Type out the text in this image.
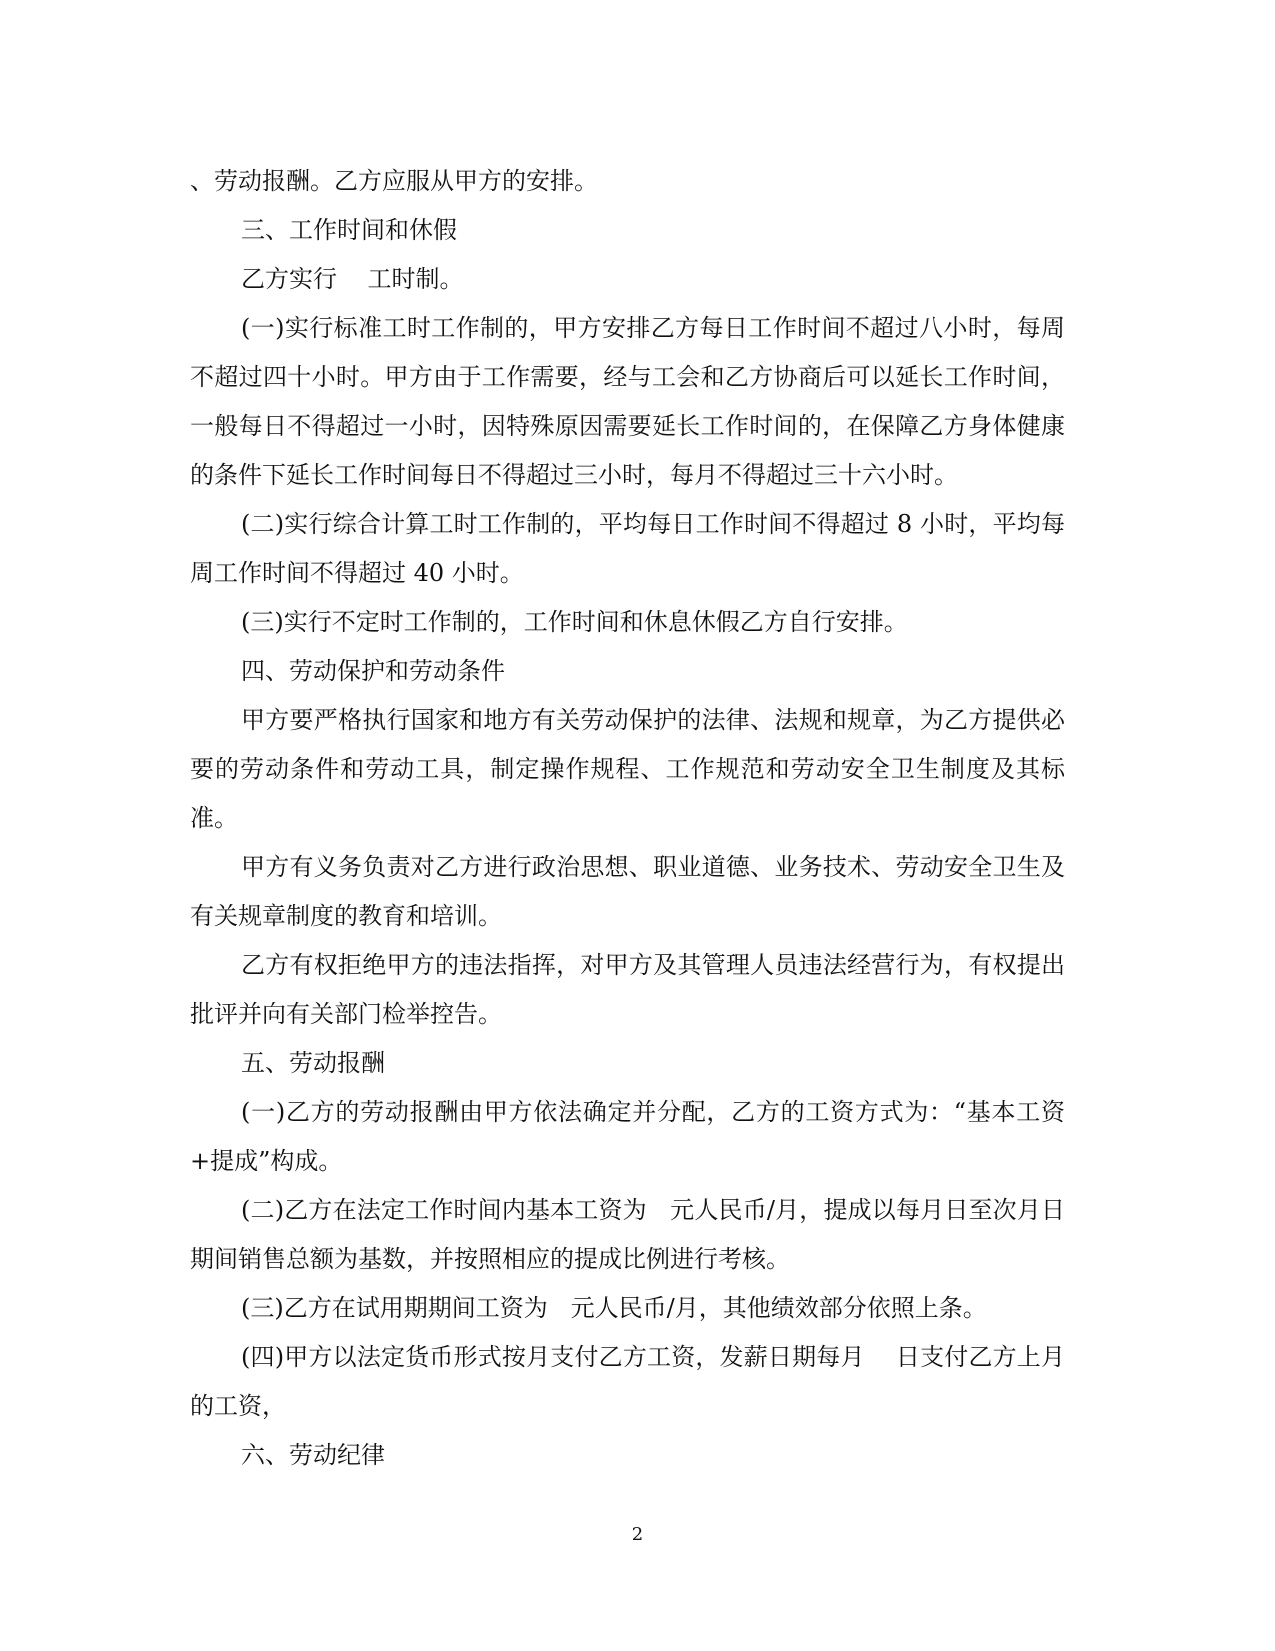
、劳动报酬。乙方应服从甲方的安排。

三、工作时间和休假

乙方实行    工时制。

(一)实行标准工时工作制的，甲方安排乙方每日工作时间不超过八小时，每周不超过四十小时。甲方由于工作需要，经与工会和乙方协商后可以延长工作时间，一般每日不得超过一小时，因特殊原因需要延长工作时间的，在保障乙方身体健康的条件下延长工作时间每日不得超过三小时，每月不得超过三十六小时。

(二)实行综合计算工时工作制的，平均每日工作时间不得超过 8 小时，平均每周工作时间不得超过 40 小时。

(三)实行不定时工作制的，工作时间和休息休假乙方自行安排。

四、劳动保护和劳动条件

甲方要严格执行国家和地方有关劳动保护的法律、法规和规章，为乙方提供必要的劳动条件和劳动工具，制定操作规程、工作规范和劳动安全卫生制度及其标准。

甲方有义务负责对乙方进行政治思想、职业道德、业务技术、劳动安全卫生及有关规章制度的教育和培训。

乙方有权拒绝甲方的违法指挥，对甲方及其管理人员违法经营行为，有权提出批评并向有关部门检举控告。

五、劳动报酬

(一)乙方的劳动报酬由甲方依法确定并分配，乙方的工资方式为：“基本工资+提成”构成。

(二)乙方在法定工作时间内基本工资为   元人民币/月，提成以每月日至次月日期间销售总额为基数，并按照相应的提成比例进行考核。

(三)乙方在试用期期间工资为   元人民币/月，其他绩效部分依照上条。

(四)甲方以法定货币形式按月支付乙方工资，发薪日期每月    日支付乙方上月的工资，

六、劳动纪律

2
